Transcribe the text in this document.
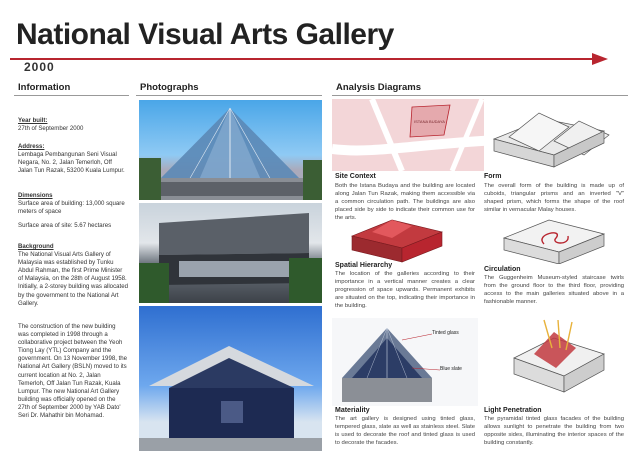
National Visual Arts Gallery
2000
Information	Photographs	Analysis Diagrams

Year built:

27th of September 2000

Address:

Lembaga Pembangunan Seni Visual Negara, No. 2, Jalan Temerloh, Off Jalan Tun Razak, 53200 Kuala Lumpur.

Dimensions

Surface area of building: 13,000 square meters of space

Surface area of site: 5.67 hectares

Background

The National Visual Arts Gallery of Malaysia was established by Tunku Abdul Rahman, the first Prime Minister of Malaysia, on the 28th of August 1958. Initially, a 2-storey building was allocated by the government to the National Art Gallery.

The construction of the new building was completed in 1998 through a collaborative project between the Yeoh Tiong Lay (YTL) Company and the government. On 13 November 1998, the National Art Gallery (BSLN) moved to its current location at No. 2, Jalan Temerloh, Off Jalan Tun Razak, Kuala Lumpur. The new National Art Gallery building was officially opened on the 27th of September 2000 by YAB Dato' Seri Dr. Mahathir bin Mohamad.
ISTANA BUDAYA
Site Context
Both the Istana Budaya and the building are located along Jalan Tun Razak, making them accessible via a common circulation path. The buildings are also placed side by side to indicate their common use for the arts.
Form
The overall form of the building is made up of cuboids, triangular prisms and an inverted "V" shaped prism, which forms the shape of the roof similar in vernacular Malay houses.
Spatial Hierarchy
The location of the galleries according to their importance in a vertical manner creates a clear progression of space upwards. Permanent exhibits are situated on the top, indicating their importance in the building.
Circulation
The Guggenheim Museum-styled staircase twirls from the ground floor to the third floor, providing access to the main galleries situated above in a fashionable manner.
Tinted glass
Blue slate
Materiality
The art gallery is designed using tinted glass, tempered glass, slate as well as stainless steel. Slate is used to decorate the roof and tinted glass is used to decorate the facades.
Light Penetration
The pyramidal tinted glass facades of the building allows sunlight to penetrate the building from two opposite sides, illuminating the interior spaces of the building constantly.
